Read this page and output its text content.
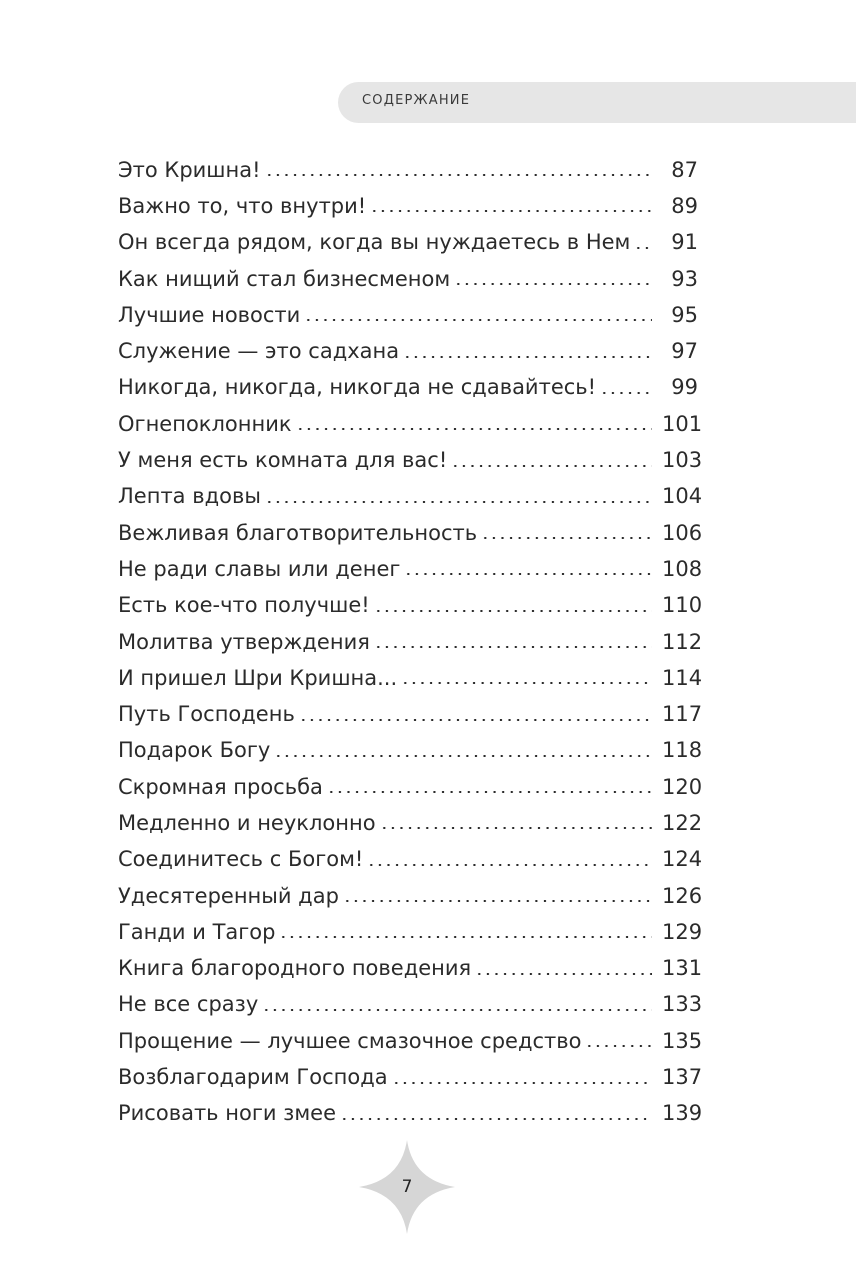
СОДЕРЖАНИЕ
Это Кришна!	87
Важно то, что внутри!	89
Он всегда рядом, когда вы нуждаетесь в Нем	91
Как нищий стал бизнесменом	93
Лучшие новости	95
Служение — это садхана	97
Никогда, никогда, никогда не сдавайтесь!	99
Огнепоклонник	101
У меня есть комната для вас!	103
Лепта вдовы	104
Вежливая благотворительность	106
Не ради славы или денег	108
Есть кое-что получше!	110
Молитва утверждения	112
И пришел Шри Кришна...	114
Путь Господень	117
Подарок Богу	118
Скромная просьба	120
Медленно и неуклонно	122
Соединитесь с Богом!	124
Удесятеренный дар	126
Ганди и Тагор	129
Книга благородного поведения	131
Не все сразу	133
Прощение — лучшее смазочное средство	135
Возблагодарим Господа	137
Рисовать ноги змее	139
7
